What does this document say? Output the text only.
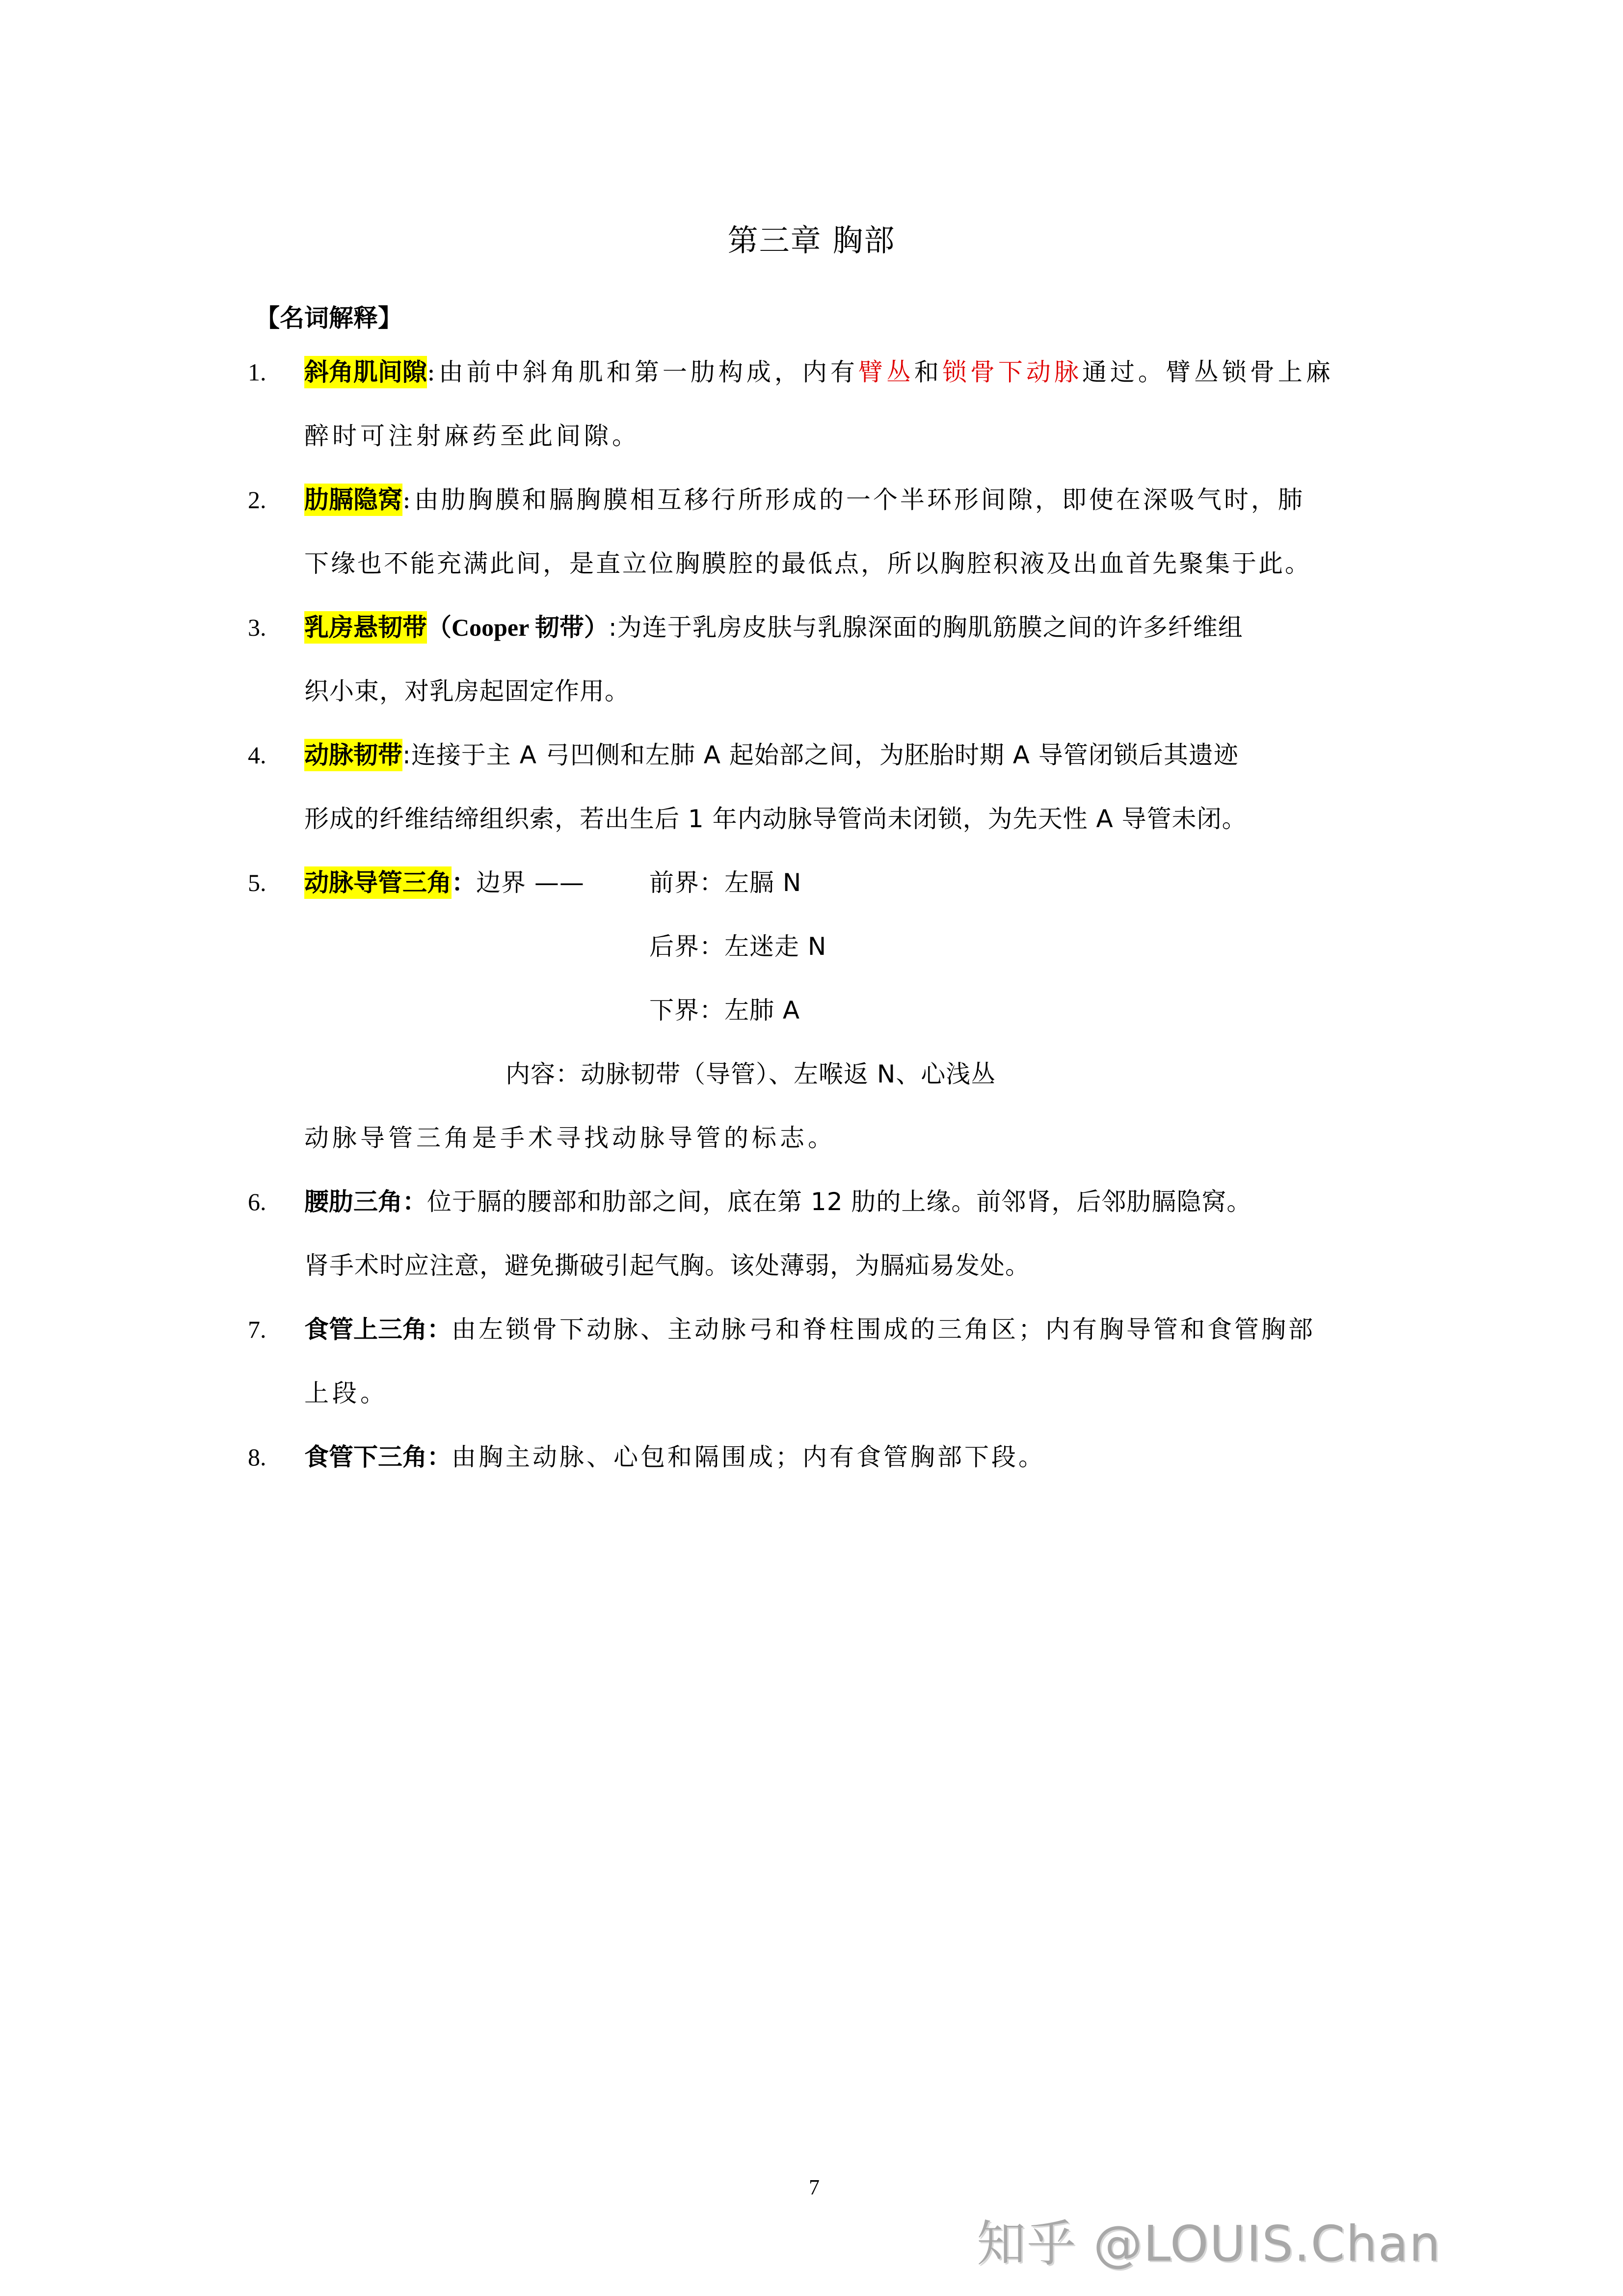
第三章 胸部
【名词解释】
1. 斜角肌间隙:由前中斜角肌和第一肋构成，内有臂丛和锁骨下动脉通过。臂丛锁骨上麻
醉时可注射麻药至此间隙。
2. 肋膈隐窝:由肋胸膜和膈胸膜相互移行所形成的一个半环形间隙，即使在深吸气时，肺
下缘也不能充满此间，是直立位胸膜腔的最低点，所以胸腔积液及出血首先聚集于此。
3. 乳房悬韧带（Cooper 韧带）:为连于乳房皮肤与乳腺深面的胸肌筋膜之间的许多纤维组
织小束，对乳房起固定作用。
4. 动脉韧带:连接于主 A 弓凹侧和左肺 A 起始部之间，为胚胎时期 A 导管闭锁后其遗迹
形成的纤维结缔组织索，若出生后 1 年内动脉导管尚未闭锁，为先天性 A 导管未闭。
5. 动脉导管三角：边界 ——	前界：左膈 N
后界：左迷走 N
下界：左肺 A
内容：动脉韧带（导管）、左喉返 N、心浅丛
动脉导管三角是手术寻找动脉导管的标志。
6. 腰肋三角：位于膈的腰部和肋部之间，底在第 12 肋的上缘。前邻肾，后邻肋膈隐窝。
肾手术时应注意，避免撕破引起气胸。该处薄弱，为膈疝易发处。
7. 食管上三角：由左锁骨下动脉、主动脉弓和脊柱围成的三角区；内有胸导管和食管胸部
上段。
8. 食管下三角：由胸主动脉、心包和隔围成；内有食管胸部下段。
7
知乎 @LOUIS.Chan
